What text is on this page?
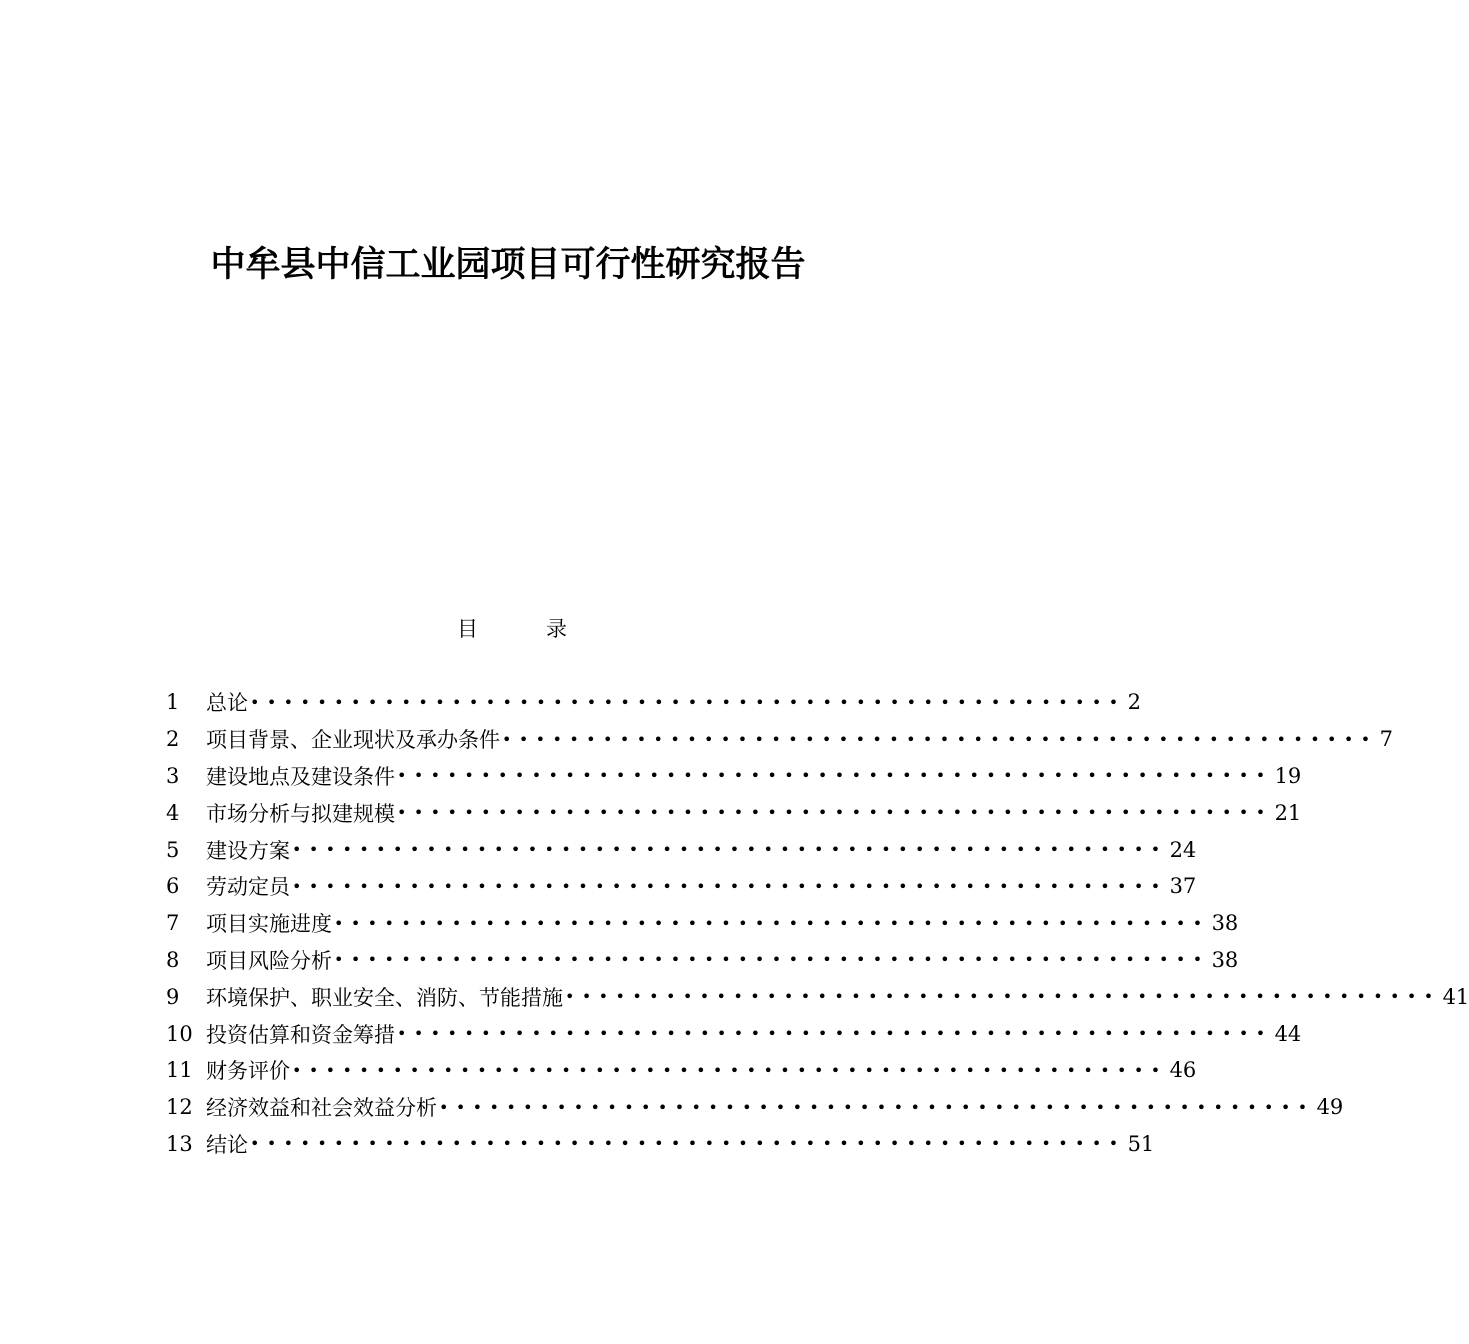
中牟县中信工业园项目可行性研究报告
目	录
1	总论 •••••••••••••••••••••••••••••••••••••••••••••••••••• 2
2	项目背景、企业现状及承办条件 •••••••••••••••••••••••••••••••••••••••••••••••••••• 7
3	建设地点及建设条件 •••••••••••••••••••••••••••••••••••••••••••••••••••• 19
4	市场分析与拟建规模 •••••••••••••••••••••••••••••••••••••••••••••••••••• 21
5	建设方案 •••••••••••••••••••••••••••••••••••••••••••••••••••• 24
6	劳动定员 •••••••••••••••••••••••••••••••••••••••••••••••••••• 37
7	项目实施进度 •••••••••••••••••••••••••••••••••••••••••••••••••••• 38
8	项目风险分析 •••••••••••••••••••••••••••••••••••••••••••••••••••• 38
9	环境保护、职业安全、消防、节能措施 •••••••••••••••••••••••••••••••••••••••••••••••••••• 41
10 投资估算和资金筹措 •••••••••••••••••••••••••••••••••••••••••••••••••••• 44
11 财务评价 •••••••••••••••••••••••••••••••••••••••••••••••••••• 46
12 经济效益和社会效益分析 •••••••••••••••••••••••••••••••••••••••••••••••••••• 49
13 结论 •••••••••••••••••••••••••••••••••••••••••••••••••••• 51
